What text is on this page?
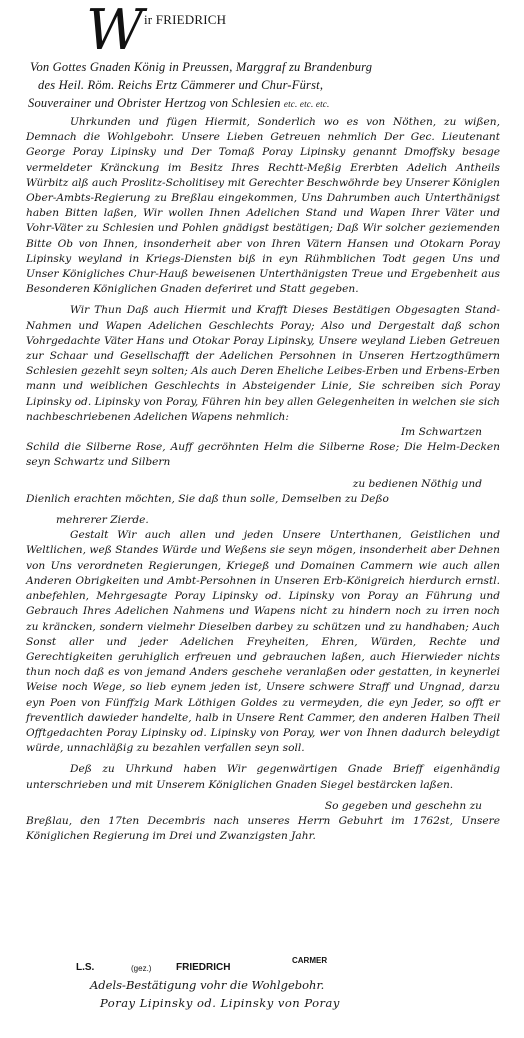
W ir FRIEDRICH
Von Gottes Gnaden König in Preussen, Marggraf zu Brandenburg
des Heil. Röm. Reichs Ertz Cämmerer und Chur-Fürst,
Souverainer und Obrister Hertzog von Schlesien etc. etc. etc.

Uhrkunden und fügen Hiermit, Sonderlich wo es von Nöthen, zu wißen, Demnach die Wohlgebohr. Unsere Lieben Getreuen nehmlich Der Gec. Lieutenant George Poray Lipinsky und Der Tomaß Poray Lipinsky genannt Dmoffsky besage vermeldeter Kränckung im Besitz Ihres Rechtt-Meßig Ererbten Adelich Antheils Würbitz alß auch Proslitz-Scholitisey mit Gerechter Beschwöhrde bey Unserer Königlen Ober-Ambts-Regierung zu Breßlau eingekommen, Uns Dahrumben auch Unterthänigst haben Bitten laßen, Wir wollen Ihnen Adelichen Stand und Wapen Ihrer Väter und Vohr-Väter zu Schlesien und Pohlen gnädigst bestätigen; Daß Wir solcher geziemenden Bitte Ob von Ihnen, insonderheit aber von Ihren Vätern Hansen und Otokarn Poray Lipinsky weyland in Kriegs-Diensten biß in eyn Rühmblichen Todt gegen Uns und Unser Königliches Chur-Hauß beweisenen Unterthänigsten Treue und Ergebenheit aus Besonderen Königlichen Gnaden deferiret und Statt gegeben.

Wir Thun Daß auch Hiermit und Krafft Dieses Bestätigen Obgesagten Stand-Nahmen und Wapen Adelichen Geschlechts Poray; Also und Dergestalt daß schon Vohrgedachte Väter Hans und Otokar Poray Lipinsky, Unsere weyland Lieben Getreuen zur Schaar und Gesellschafft der Adelichen Persohnen in Unseren Hertzogthümern Schlesien gezehlt seyn solten; Als auch Deren Eheliche Leibes-Erben und Erbens-Erben mann und weiblichen Geschlechts in Absteigender Linie, Sie schreiben sich Poray Lipinsky od. Lipinsky von Poray, Führen hin bey allen Gelegenheiten in welchen sie sich nachbeschriebenen Adelichen Wapens nehmlich:

Im Schwartzen

Schild die Silberne Rose, Auff gecröhnten Helm die Silberne Rose; Die Helm-Decken seyn Schwartz und Silbern

zu bedienen Nöthig und

Dienlich erachten möchten, Sie daß thun solle, Demselben zu Deßo

mehrerer Zierde.

Gestalt Wir auch allen und jeden Unsere Unterthanen, Geistlichen und Weltlichen, weß Standes Würde und Weßens sie seyn mögen, insonderheit aber Dehnen von Uns verordneten Regierungen, Kriegeß und Domainen Cammern wie auch allen Anderen Obrigkeiten und Ambt-Persohnen in Unseren Erb-Königreich hierdurch ernstl. anbefehlen, Mehrgesagte Poray Lipinsky od. Lipinsky von Poray an Führung und Gebrauch Ihres Adelichen Nahmens und Wapens nicht zu hindern noch zu irren noch zu kräncken, sondern vielmehr Dieselben darbey zu schützen und zu handhaben; Auch Sonst aller und jeder Adelichen Freyheiten, Ehren, Würden, Rechte und Gerechtigkeiten geruhiglich erfreuen und gebrauchen laßen, auch Hierwieder nichts thun noch daß es von jemand Anders geschehe veranlaßen oder gestatten, in keynerlei Weise noch Wege, so lieb eynem jeden ist, Unsere schwere Straff und Ungnad, darzu eyn Poen von Fünffzig Mark Löthigen Goldes zu vermeyden, die eyn Jeder, so offt er freventlich dawieder handelte, halb in Unsere Rent Cammer, den anderen Halben Theil Offtgedachten Poray Lipinsky od. Lipinsky von Poray, wer von Ihnen dadurch beleydigt würde, unnachläßig zu bezahlen verfallen seyn soll.

Deß zu Uhrkund haben Wir gegenwärtigen Gnade Brieff eigenhändig unterschrieben und mit Unserem Königlichen Gnaden Siegel bestärcken laßen.

So gegeben und geschehn zu

Breßlau, den 17ten Decembris nach unseres Herrn Gebuhrt im 1762st, Unsere Königlichen Regierung im Drei und Zwanzigsten Jahr.

L.S.	(gez.) FRIEDRICH
CARMER
Adels-Bestätigung vohr die Wohlgebohr.
Poray Lipinsky od. Lipinsky von Poray
